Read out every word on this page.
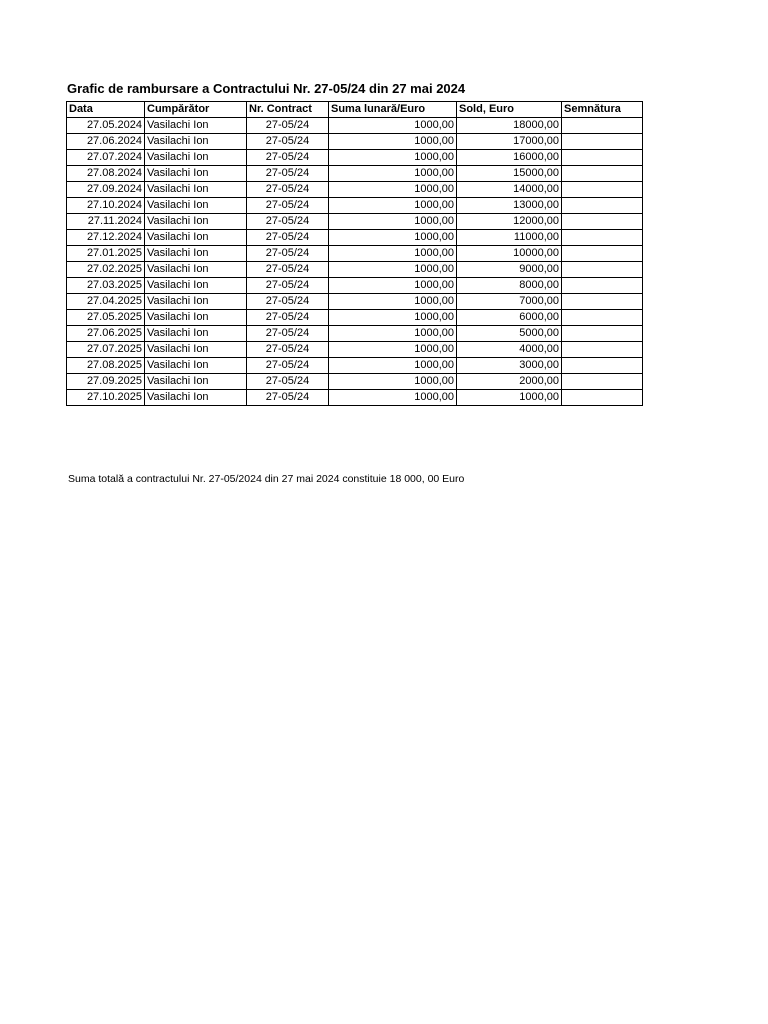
Grafic de rambursare a Contractului Nr. 27-05/24 din 27 mai 2024
Data	Cumpărător	Nr. Contract	Suma lunară/Euro	Sold, Euro	Semnătura
27.05.2024	Vasilachi Ion	27-05/24	1000,00	18000,00	
27.06.2024	Vasilachi Ion	27-05/24	1000,00	17000,00	
27.07.2024	Vasilachi Ion	27-05/24	1000,00	16000,00	
27.08.2024	Vasilachi Ion	27-05/24	1000,00	15000,00	
27.09.2024	Vasilachi Ion	27-05/24	1000,00	14000,00	
27.10.2024	Vasilachi Ion	27-05/24	1000,00	13000,00	
27.11.2024	Vasilachi Ion	27-05/24	1000,00	12000,00	
27.12.2024	Vasilachi Ion	27-05/24	1000,00	11000,00	
27.01.2025	Vasilachi Ion	27-05/24	1000,00	10000,00	
27.02.2025	Vasilachi Ion	27-05/24	1000,00	9000,00	
27.03.2025	Vasilachi Ion	27-05/24	1000,00	8000,00	
27.04.2025	Vasilachi Ion	27-05/24	1000,00	7000,00	
27.05.2025	Vasilachi Ion	27-05/24	1000,00	6000,00	
27.06.2025	Vasilachi Ion	27-05/24	1000,00	5000,00	
27.07.2025	Vasilachi Ion	27-05/24	1000,00	4000,00	
27.08.2025	Vasilachi Ion	27-05/24	1000,00	3000,00	
27.09.2025	Vasilachi Ion	27-05/24	1000,00	2000,00	
27.10.2025	Vasilachi Ion	27-05/24	1000,00	1000,00	
Suma totală a contractului Nr. 27-05/2024 din 27 mai 2024 constituie 18 000, 00 Euro
